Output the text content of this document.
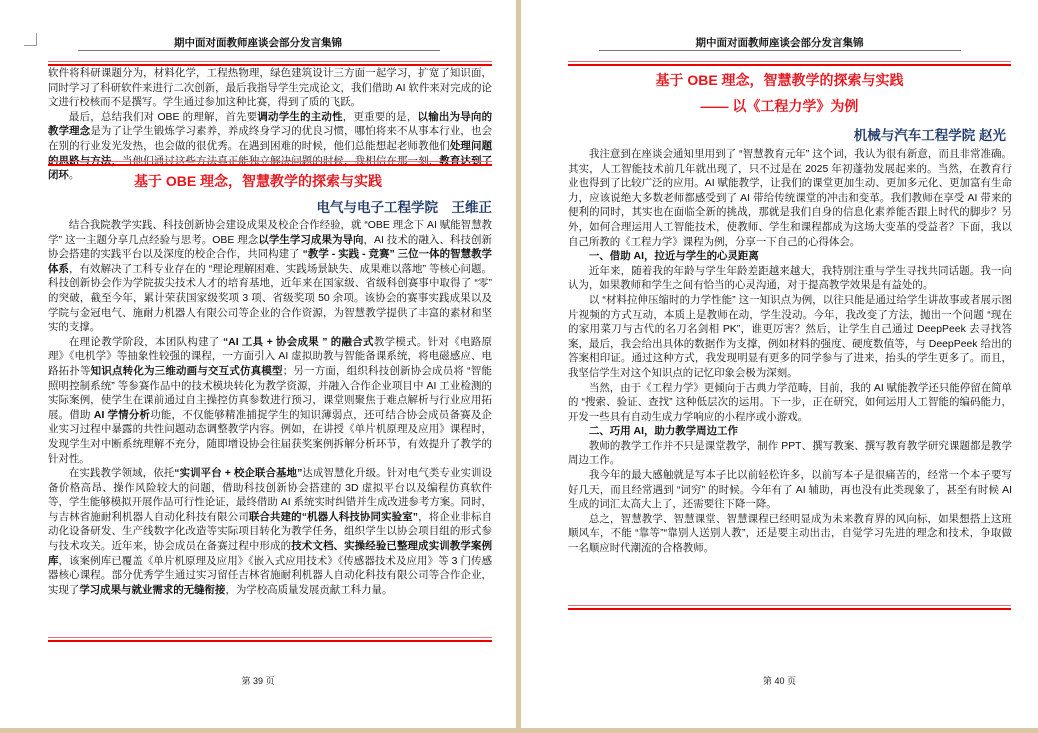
期中面对面教师座谈会部分发言集锦

软件将科研课题分为，材料化学，工程热物理，绿色建筑设计三方面一起学习，扩宽了知识面，同时学习了科研软件来进行二次创新，最后我指导学生完成论文，我们借助 AI 软件来对完成的论文进行校核而不是撰写。学生通过参加这种比赛，得到了质的飞跃。

最后，总结我们对 OBE 的理解，首先要调动学生的主动性，更重要的是，以输出为导向的教学理念是为了让学生锻炼学习素养，养成终身学习的优良习惯，哪怕将来不从事本行业，也会在别的行业发光发热，也会做的很优秀。在遇到困难的时候，他们总能想起老师教他们处理问题的思路与方法，当他们通过这些方法真正能独立解决问题的时候，我相信在那一刻，教育达到了闭环。	基于 OBE 理念，智慧教学的探索与实践
电气与电子工程学院　王维正

结合我院教学实践、科技创新协会建设成果及校企合作经验，就 “OBE 理念下 AI 赋能智慧教学” 这一主题分享几点经验与思考。OBE 理念以学生学习成果为导向，AI 技术的融入、科技创新协会搭建的实践平台以及深度的校企合作，共同构建了 “教学 - 实践 - 竞赛” 三位一体的智慧教学体系，有效解决了工科专业存在的 “理论理解困难、实践场景缺失、成果难以落地” 等核心问题。科技创新协会作为学院拔尖技术人才的培育基地，近年来在国家级、省级科创赛事中取得了 “零” 的突破，截至今年，累计荣获国家级奖项 3 项、省级奖项 50 余项。该协会的赛事实践成果以及学院与金冠电气、施耐力机器人有限公司等企业的合作资源，为智慧教学提供了丰富的素材和坚实的支撑。

在理论教学阶段，本团队构建了 “AI 工具 + 协会成果 ” 的融合式教学模式。针对《电路原理》《电机学》等抽象性较强的课程，一方面引入 AI 虚拟助教与智能备课系统，将电磁感应、电路拓扑等知识点转化为三维动画与交互式仿真模型；另一方面，组织科技创新协会成员将 “智能照明控制系统” 等参赛作品中的技术模块转化为教学资源，并融入合作企业项目中 AI 工业检测的实际案例，使学生在课前通过自主操控仿真参数进行预习，课堂则聚焦于难点解析与行业应用拓展。借助 AI 学情分析功能，不仅能够精准捕捉学生的知识薄弱点，还可结合协会成员备赛及企业实习过程中暴露的共性问题动态调整教学内容。例如，在讲授《单片机原理及应用》课程时，发现学生对中断系统理解不充分，随即增设协会往届获奖案例拆解分析环节，有效提升了教学的针对性。

在实践教学领域，依托“实训平台 + 校企联合基地”达成智慧化升级。针对电气类专业实训设备价格高昂、操作风险较大的问题，借助科技创新协会搭建的 3D 虚拟平台以及编程仿真软件等，学生能够模拟开展作品可行性论证，最终借助 AI 系统实时纠错并生成改进参考方案。同时，与吉林省施耐利机器人自动化科技有限公司联合共建的“机器人科技协同实验室”，将企业非标自动化设备研发、生产线数字化改造等实际项目转化为教学任务，组织学生以协会项目组的形式参与技术攻关。近年来，协会成员在备赛过程中形成的技术文档、实操经验已整理成实训教学案例库，该案例库已覆盖《单片机原理及应用》《嵌入式应用技术》《传感器技术及应用》等 3 门传感器核心课程。部分优秀学生通过实习留任吉林省施耐利机器人自动化科技有限公司等合作企业，实现了学习成果与就业需求的无缝衔接，为学校高质量发展贡献工科力量。

第 39 页
期中面对面教师座谈会部分发言集锦
基于 OBE 理念，智慧教学的探索与实践
—— 以《工程力学》为例
机械与汽车工程学院 赵光

我注意到在座谈会通知里用到了 “智慧教育元年” 这个词，我认为很有新意，而且非常准确。其实，人工智能技术前几年就出现了，只不过是在 2025 年初蓬勃发展起来的。当然，在教育行业也得到了比较广泛的应用。AI 赋能教学，让我们的课堂更加生动、更加多元化、更加富有生命力，应该说绝大多数老师都感受到了 AI 带给传统课堂的冲击和变革。我们教师在享受 AI 带来的便利的同时，其实也在面临全新的挑战，那就是我们自身的信息化素养能否跟上时代的脚步？另外，如何合理运用人工智能技术，使教师、学生和课程都成为这场大变革的受益者？下面，我以自己所教的《工程力学》课程为例，分享一下自己的心得体会。

一、借助 AI，拉近与学生的心灵距离

近年来，随着我的年龄与学生年龄差距越来越大，我特别注重与学生寻找共同话题。我一向认为，如果教师和学生之间有恰当的心灵沟通，对于提高教学效果是有益处的。

以 “材料拉伸压缩时的力学性能” 这一知识点为例，以往只能是通过给学生讲故事或者展示图片视频的方式互动，本质上是教师在动，学生没动。今年，我改变了方法，抛出一个问题 “现在的家用菜刀与古代的名刀名剑相 PK”，谁更厉害？然后，让学生自己通过 DeepPeek 去寻找答案，最后，我会给出具体的数据作为支撑，例如材料的强度、硬度数值等，与 DeepPeek 给出的答案相印证。通过这种方式，我发现明显有更多的同学参与了进来，抬头的学生更多了。而且，我坚信学生对这个知识点的记忆印象会极为深刻。

当然，由于《工程力学》更倾向于古典力学范畴，目前，我的 AI 赋能教学还只能停留在简单的 “搜索、验证、查找” 这种低层次的运用。下一步，正在研究，如何运用人工智能的编码能力，开发一些具有自动生成力学响应的小程序或小游戏。

二、巧用 AI，助力教学周边工作

教师的教学工作并不只是课堂教学，制作 PPT、撰写教案、撰写教育教学研究课题都是教学周边工作。

我今年的最大感触就是写本子比以前轻松许多，以前写本子是很痛苦的，经常一个本子要写好几天，而且经常遇到 “词穷” 的时候。今年有了 AI 辅助，再也没有此类现象了，甚至有时候 AI 生成的词汇太高大上了，还需要往下降一降。

总之，智慧教学、智慧课堂、智慧课程已经明显成为未来教育界的风向标，如果想搭上这班顺风车，不能 “靠等”“靠别人送别人教”，还是要主动出击，自觉学习先进的理念和技术，争取做一名顺应时代潮流的合格教师。

第 40 页
